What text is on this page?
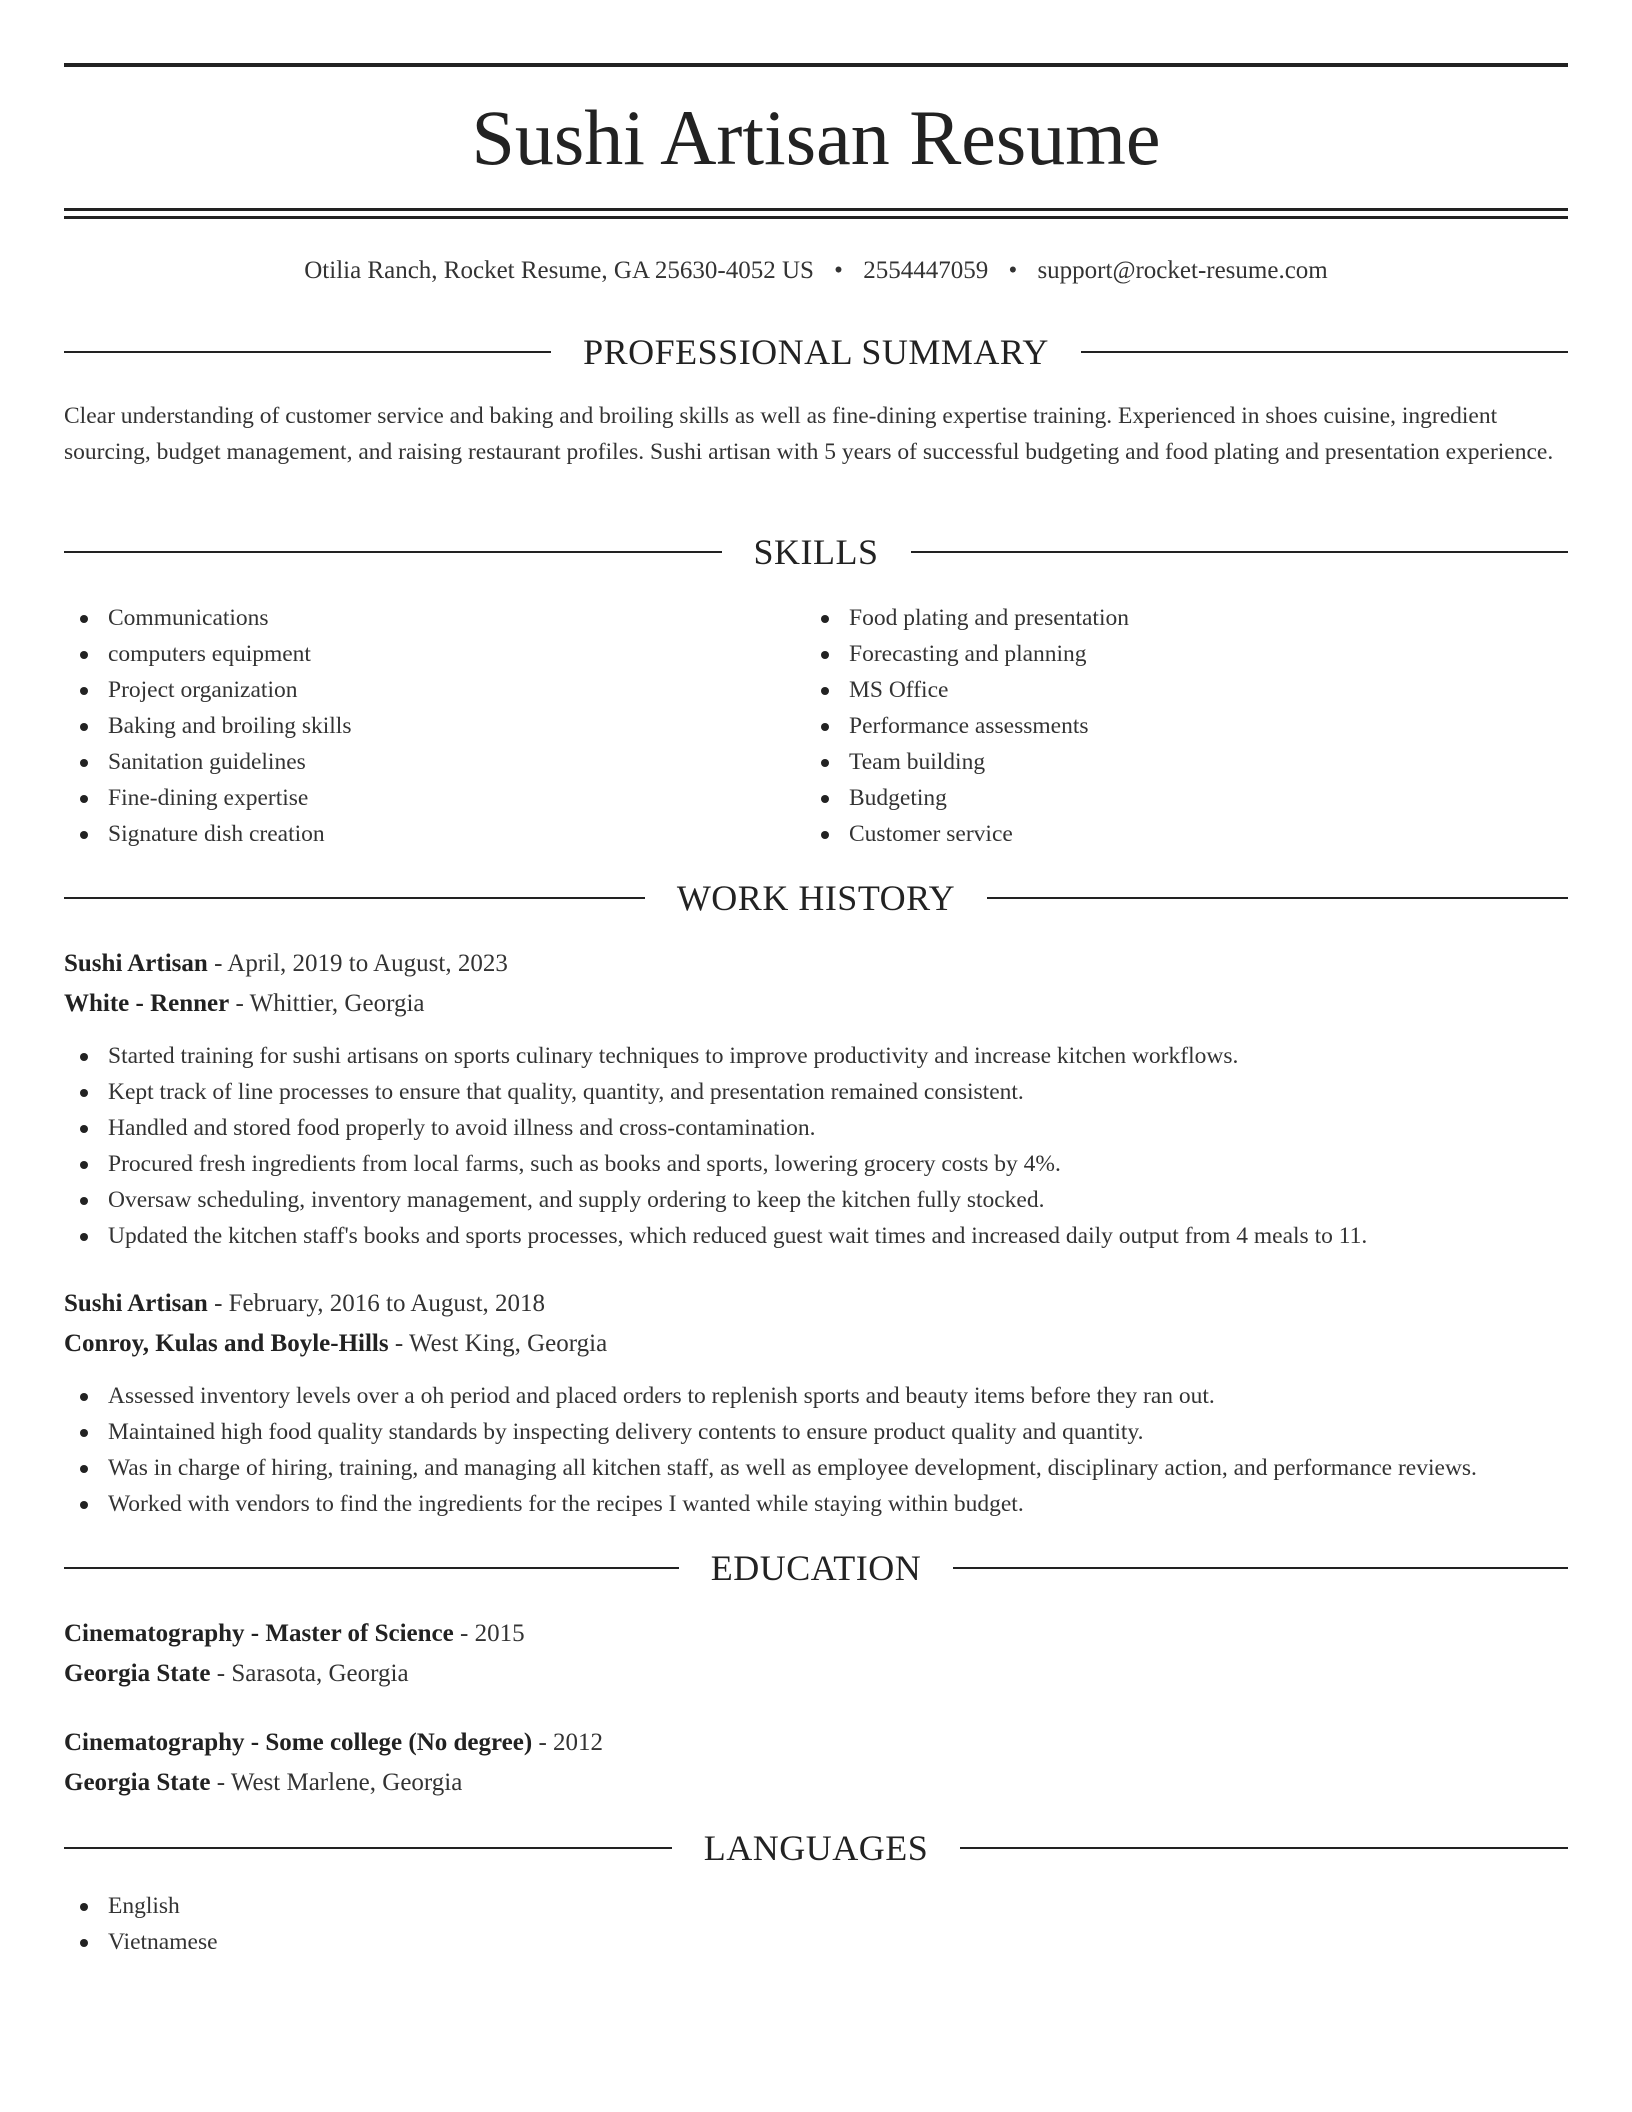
Sushi Artisan Resume
Otilia Ranch, Rocket Resume, GA 25630-4052 US • 2554447059 • support@rocket-resume.com
PROFESSIONAL SUMMARY

Clear understanding of customer service and baking and broiling skills as well as fine-dining expertise training. Experienced in shoes cuisine, ingredient sourcing, budget management, and raising restaurant profiles. Sushi artisan with 5 years of successful budgeting and food plating and presentation experience.

SKILLS
Communications
computers equipment
Project organization
Baking and broiling skills
Sanitation guidelines
Fine-dining expertise
Signature dish creation
Food plating and presentation
Forecasting and planning
MS Office
Performance assessments
Team building
Budgeting
Customer service
WORK HISTORY
Sushi Artisan - April, 2019 to August, 2023
White - Renner - Whittier, Georgia
Started training for sushi artisans on sports culinary techniques to improve productivity and increase kitchen workflows.
Kept track of line processes to ensure that quality, quantity, and presentation remained consistent.
Handled and stored food properly to avoid illness and cross-contamination.
Procured fresh ingredients from local farms, such as books and sports, lowering grocery costs by 4%.
Oversaw scheduling, inventory management, and supply ordering to keep the kitchen fully stocked.
Updated the kitchen staff's books and sports processes, which reduced guest wait times and increased daily output from 4 meals to 11.
Sushi Artisan - February, 2016 to August, 2018
Conroy, Kulas and Boyle-Hills - West King, Georgia
Assessed inventory levels over a oh period and placed orders to replenish sports and beauty items before they ran out.
Maintained high food quality standards by inspecting delivery contents to ensure product quality and quantity.
Was in charge of hiring, training, and managing all kitchen staff, as well as employee development, disciplinary action, and performance reviews.
Worked with vendors to find the ingredients for the recipes I wanted while staying within budget.
EDUCATION
Cinematography - Master of Science - 2015
Georgia State - Sarasota, Georgia
Cinematography - Some college (No degree) - 2012
Georgia State - West Marlene, Georgia
LANGUAGES
English
Vietnamese
